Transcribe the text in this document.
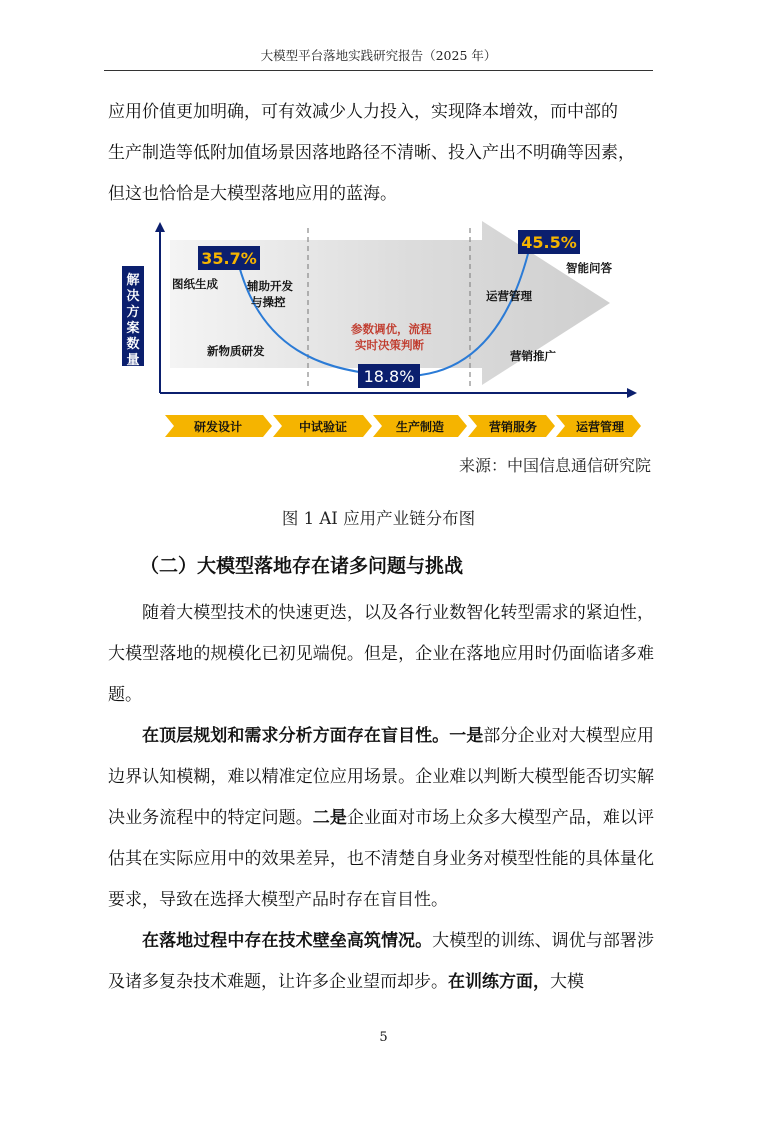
大模型平台落地实践研究报告（2025 年）

应用价值更加明确，可有效减少人力投入，实现降本增效，而中部的
生产制造等低附加值场景因落地路径不清晰、投入产出不明确等因素，
但这也恰恰是大模型落地应用的蓝海。

解
决
方
案
数
量
35.7%
18.8%
45.5%
图纸生成	辅助开发
与操控
新物质研发
参数调优，流程
实时决策判断
智能问答
运营管理
营销推广
研发设计	中试验证	生产制造	营销服务	运营管理
来源：中国信息通信研究院
图 1 AI 应用产业链分布图
（二）大模型落地存在诸多问题与挑战

随着大模型技术的快速更迭，以及各行业数智化转型需求的紧迫性，大模型落地的规模化已初见端倪。但是，企业在落地应用时仍面临诸多难题。

在顶层规划和需求分析方面存在盲目性。一是部分企业对大模型应用边界认知模糊，难以精准定位应用场景。企业难以判断大模型能否切实解决业务流程中的特定问题。二是企业面对市场上众多大模型产品，难以评估其在实际应用中的效果差异，也不清楚自身业务对模型性能的具体量化要求，导致在选择大模型产品时存在盲目性。

在落地过程中存在技术壁垒高筑情况。大模型的训练、调优与部署涉及诸多复杂技术难题，让许多企业望而却步。在训练方面，大模

5
